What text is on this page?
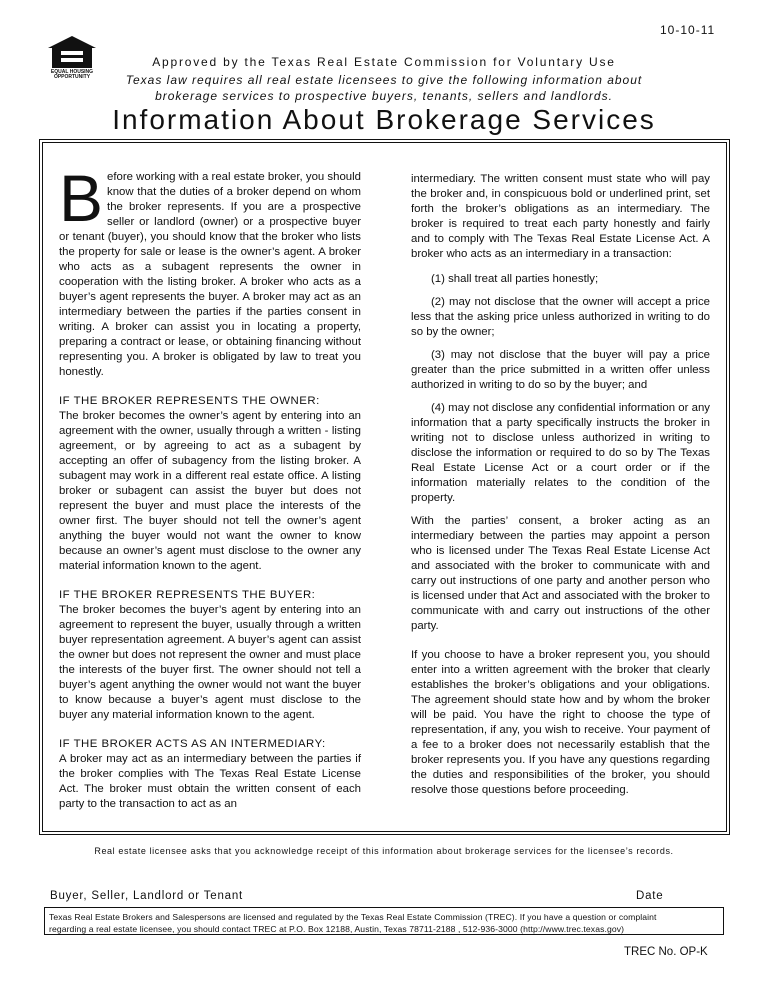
10-10-11
EQUAL HOUSING OPPORTUNITY
Approved by the Texas Real Estate Commission for Voluntary Use
Texas law requires all real estate licensees to give the following information about
brokerage services to prospective buyers, tenants, sellers and landlords.
Information About Brokerage Services

Before working with a real estate broker, you should know that the duties of a broker depend on whom the broker represents. If you are a prospective seller or landlord (owner) or a prospective buyer or tenant (buyer), you should know that the broker who lists the property for sale or lease is the owner’s agent. A broker who acts as a subagent represents the owner in cooperation with the listing broker. A broker who acts as a buyer’s agent represents the buyer. A broker may act as an intermediary between the parties if the parties consent in writing. A broker can assist you in locating a property, preparing a contract or lease, or obtaining financing without representing you. A broker is obligated by law to treat you honestly.

IF THE BROKER REPRESENTS THE OWNER:
The broker becomes the owner’s agent by entering into an agreement with the owner, usually through a written - listing agreement, or by agreeing to act as a subagent by accepting an offer of subagency from the listing broker. A subagent may work in a different real estate office. A listing broker or subagent can assist the buyer but does not represent the buyer and must place the interests of the owner first. The buyer should not tell the owner’s agent anything the buyer would not want the owner to know because an owner’s agent must disclose to the owner any material information known to the agent.

IF THE BROKER REPRESENTS THE BUYER:
The broker becomes the buyer’s agent by entering into an agreement to represent the buyer, usually through a written buyer representation agreement. A buyer’s agent can assist the owner but does not represent the owner and must place the interests of the buyer first. The owner should not tell a buyer’s agent anything the owner would not want the buyer to know because a buyer’s agent must disclose to the buyer any material information known to the agent.

IF THE BROKER ACTS AS AN INTERMEDIARY:
A broker may act as an intermediary between the parties if the broker complies with The Texas Real Estate License Act. The broker must obtain the written consent of each party to the transaction to act as an

intermediary. The written consent must state who will pay the broker and, in conspicuous bold or underlined print, set forth the broker’s obligations as an intermediary. The broker is required to treat each party honestly and fairly and to comply with The Texas Real Estate License Act. A broker who acts as an intermediary in a transaction:

(1) shall treat all parties honestly;

(2) may not disclose that the owner will accept a price less that the asking price unless authorized in writing to do so by the owner;

(3) may not disclose that the buyer will pay a price greater than the price submitted in a written offer unless authorized in writing to do so by the buyer; and

(4) may not disclose any confidential information or any information that a party specifically instructs the broker in writing not to disclose unless authorized in writing to disclose the information or required to do so by The Texas Real Estate License Act or a court order or if the information materially relates to the condition of the property.

With the parties’ consent, a broker acting as an intermediary between the parties may appoint a person who is licensed under The Texas Real Estate License Act and associated with the broker to communicate with and carry out instructions of one party and another person who is licensed under that Act and associated with the broker to communicate with and carry out instructions of the other party.

If you choose to have a broker represent you, you should enter into a written agreement with the broker that clearly establishes the broker’s obligations and your obligations. The agreement should state how and by whom the broker will be paid. You have the right to choose the type of representation, if any, you wish to receive. Your payment of a fee to a broker does not necessarily establish that the broker represents you. If you have any questions regarding the duties and responsibilities of the broker, you should resolve those questions before proceeding.

Real estate licensee asks that you acknowledge receipt of this information about brokerage services for the licensee’s records.
Buyer, Seller, Landlord or Tenant	Date
Texas Real Estate Brokers and Salespersons are licensed and regulated by the Texas Real Estate Commission (TREC). If you have a question or complaint
regarding a real estate licensee, you should contact TREC at P.O. Box 12188, Austin, Texas 78711-2188 , 512-936-3000 (http://www.trec.texas.gov)
TREC No. OP-K
